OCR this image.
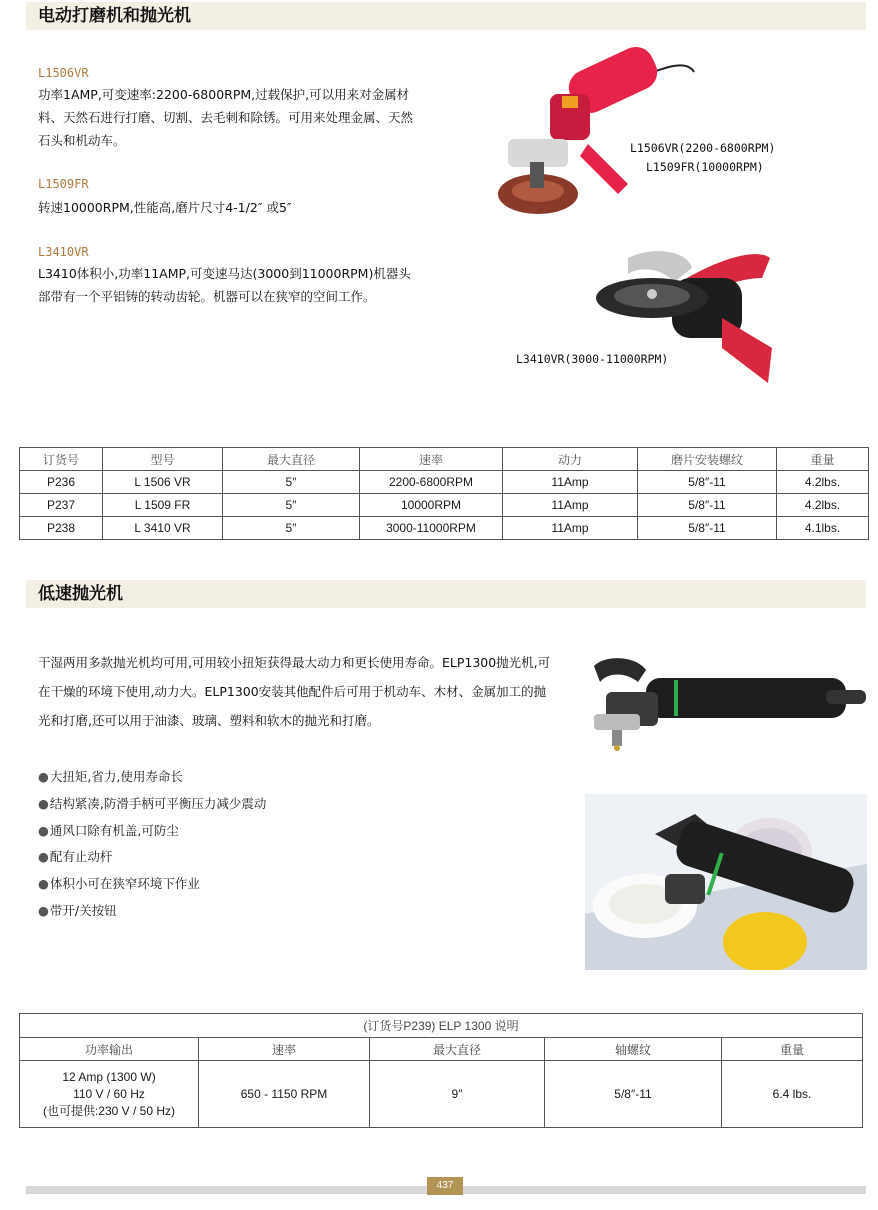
电动打磨机和抛光机
L1506VR
功率1AMP,可变速率:2200-6800RPM,过载保护,可以用来对金属材料、天然石进行打磨、切割、去毛刺和除锈。可用来处理金属、天然石头和机动车。
L1509FR
转速10000RPM,性能高,磨片尺寸4-1/2″ 或5″
L3410VR
L3410体积小,功率11AMP,可变速马达(3000到11000RPM)机器头部带有一个平铝铸的转动齿轮。机器可以在狭窄的空间工作。
L1506VR(2200-6800RPM)
L1509FR(10000RPM)
L3410VR(3000-11000RPM)
订货号	型号	最大直径	速率	动力	磨片安装螺纹	重量
P236	L 1506 VR	5″	2200-6800RPM	11Amp	5/8″-11	4.2lbs.
P237	L 1509 FR	5″	10000RPM	11Amp	5/8″-11	4.2lbs.
P238	L 3410 VR	5″	3000-11000RPM	11Amp	5/8″-11	4.1lbs.
低速抛光机

干湿两用多款抛光机均可用,可用较小扭矩获得最大动力和更长使用寿命。ELP1300抛光机,可在干燥的环境下使用,动力大。ELP1300安装其他配件后可用于机动车、木材、金属加工的抛光和打磨,还可以用于油漆、玻璃、塑料和软木的抛光和打磨。

● 大扭矩,省力,使用寿命长
● 结构紧凑,防滑手柄可平衡压力减少震动
● 通风口除有机盖,可防尘
● 配有止动杆
● 体积小可在狭窄环境下作业
● 带开/关按钮
(订货号P239) ELP 1300 说明				
功率输出	速率	最大直径	轴螺纹	重量

12 Amp (1300 W)
110 V / 60 Hz
(也可提供:230 V / 50 Hz)	650 - 1150 RPM	9″	5/8″-11	6.4 lbs.
437
